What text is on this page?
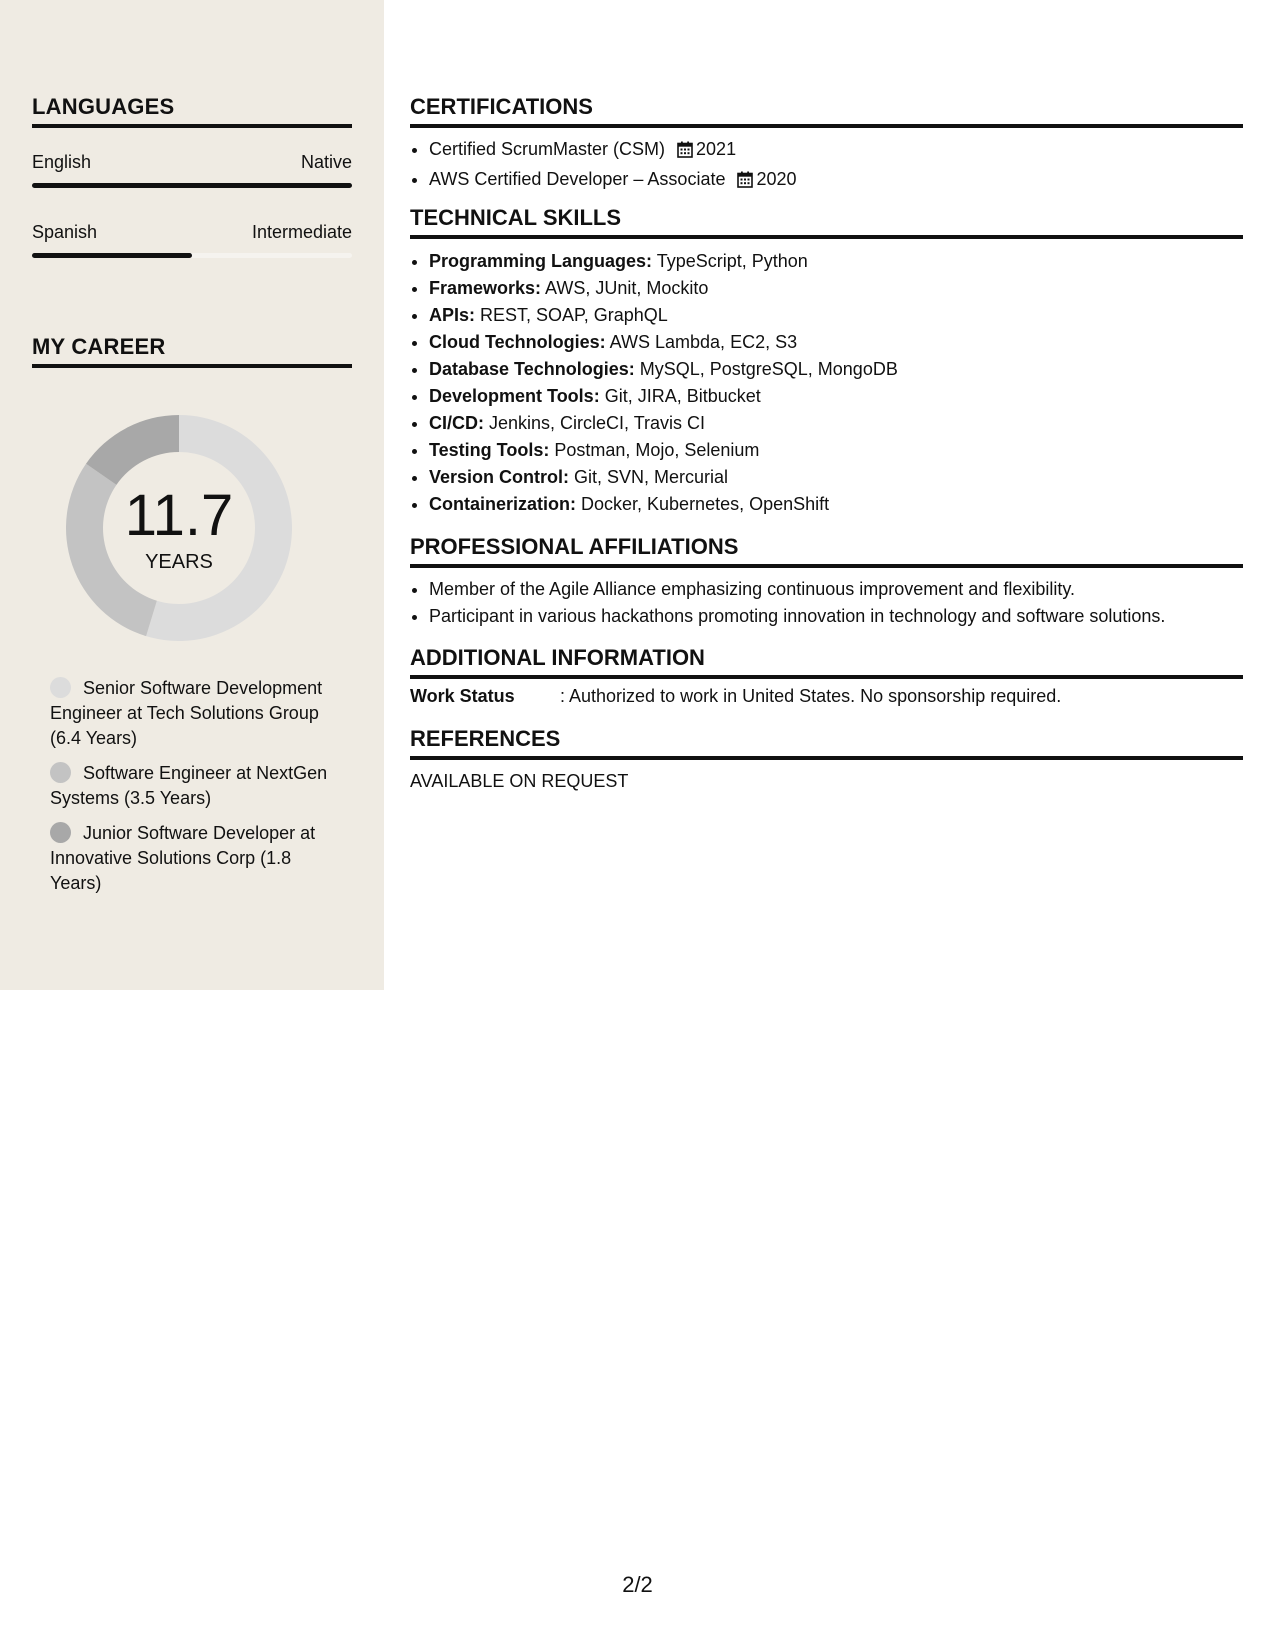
LANGUAGES
English	Native
Spanish	Intermediate
MY CAREER
11.7
YEARS
Senior Software Development Engineer at Tech Solutions Group (6.4 Years)
Software Engineer at NextGen Systems (3.5 Years)
Junior Software Developer at Innovative Solutions Corp (1.8 Years)
CERTIFICATIONS
• Certified ScrumMaster (CSM) 2021
• AWS Certified Developer – Associate 2020
TECHNICAL SKILLS
• Programming Languages: TypeScript, Python
• Frameworks: AWS, JUnit, Mockito
• APIs: REST, SOAP, GraphQL
• Cloud Technologies: AWS Lambda, EC2, S3
• Database Technologies: MySQL, PostgreSQL, MongoDB
• Development Tools: Git, JIRA, Bitbucket
• CI/CD: Jenkins, CircleCI, Travis CI
• Testing Tools: Postman, Mojo, Selenium
• Version Control: Git, SVN, Mercurial
• Containerization: Docker, Kubernetes, OpenShift
PROFESSIONAL AFFILIATIONS
• Member of the Agile Alliance emphasizing continuous improvement and flexibility.
• Participant in various hackathons promoting innovation in technology and software solutions.
ADDITIONAL INFORMATION
Work Status	: Authorized to work in United States. No sponsorship required.
REFERENCES
AVAILABLE ON REQUEST
2/2
